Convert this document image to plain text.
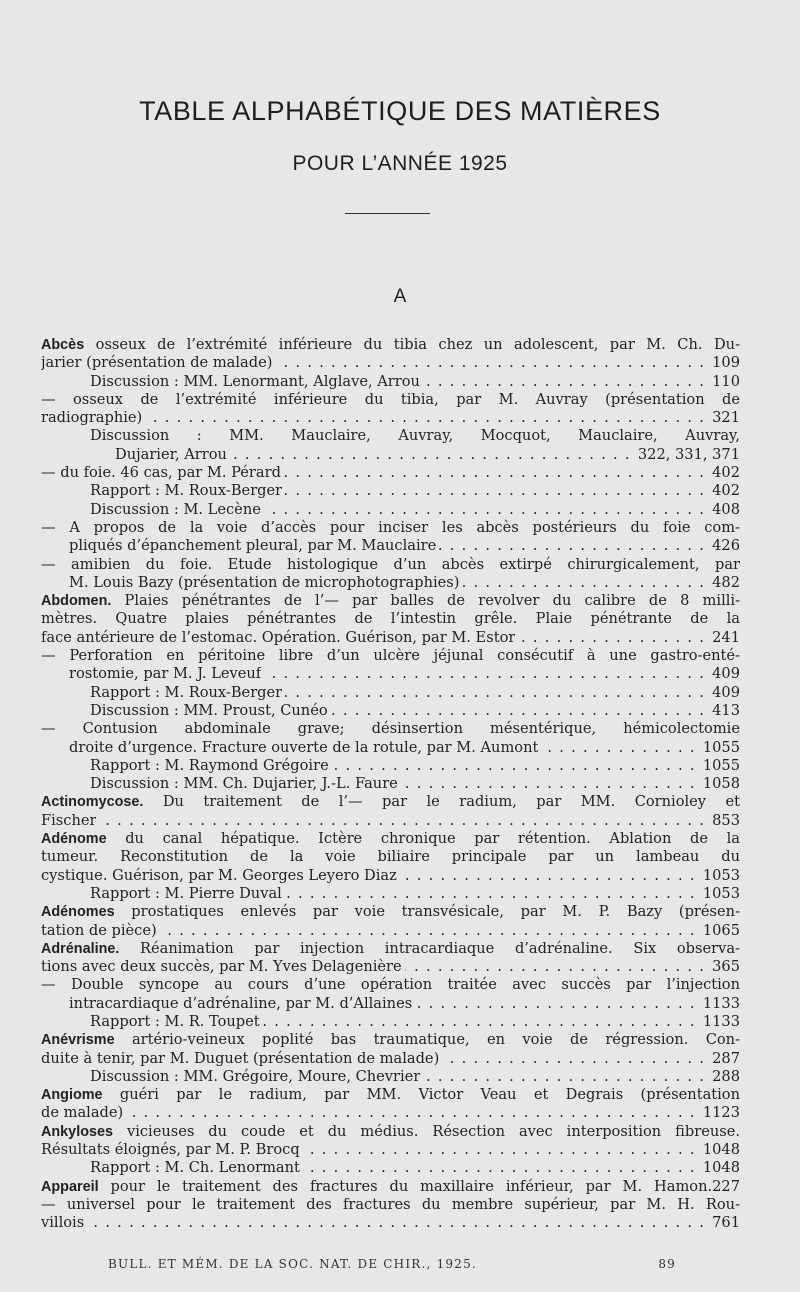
TABLE ALPHABÉTIQUE DES MATIÈRES
POUR L’ANNÉE 1925
A
Abcès osseux de l’extrémité inférieure du tibia chez un adolescent, par M. Ch. Du-
jarier (présentation de malade) . . .	109
Discussion : MM. Lenormant, Alglave, Arrou . . .	110
— osseux de l’extrémité inférieure du tibia, par M. Auvray (présentation de
radiographie) . . .	321
Discussion : MM. Mauclaire, Auvray, Mocquot, Mauclaire, Auvray,
Dujarier, Arrou . . .	322, 331, 371
— du foie. 46 cas, par M. Pérard . . .	402
Rapport : M. Roux-Berger . . .	402
Discussion : M. Lecène . . .	408
— A propos de la voie d’accès pour inciser les abcès postérieurs du foie com-
pliqués d’épanchement pleural, par M. Mauclaire . . .	426
— amibien du foie. Etude histologique d’un abcès extirpé chirurgicalement, par
M. Louis Bazy (présentation de microphotographies) . . .	482
Abdomen. Plaies pénétrantes de l’— par balles de revolver du calibre de 8 milli-
mètres. Quatre plaies pénétrantes de l’intestin grêle. Plaie pénétrante de la
face antérieure de l’estomac. Opération. Guérison, par M. Estor . . .	241
— Perforation en péritoine libre d’un ulcère jéjunal consécutif à une gastro-enté-
rostomie, par M. J. Leveuf . . .	409
Rapport : M. Roux-Berger . . .	409
Discussion : MM. Proust, Cunéo . . .	413
— Contusion abdominale grave; désinsertion mésentérique, hémicolectomie
droite d’urgence. Fracture ouverte de la rotule, par M. Aumont . . .	1055
Rapport : M. Raymond Grégoire . . .	1055
Discussion : MM. Ch. Dujarier, J.-L. Faure . . .	1058
Actinomycose. Du traitement de l’— par le radium, par MM. Cornioley et
Fischer . . .	853
Adénome du canal hépatique. Ictère chronique par rétention. Ablation de la
tumeur. Reconstitution de la voie biliaire principale par un lambeau du
cystique. Guérison, par M. Georges Leyero Diaz . . .	1053
Rapport : M. Pierre Duval . . .	1053
Adénomes prostatiques enlevés par voie transvésicale, par M. P. Bazy (présen-
tation de pièce) . . .	1065
Adrénaline. Réanimation par injection intracardiaque d’adrénaline. Six observa-
tions avec deux succès, par M. Yves Delagenière . . .	365
— Double syncope au cours d’une opération traitée avec succès par l’injection
intracardiaque d’adrénaline, par M. d’Allaines . . .	1133
Rapport : M. R. Toupet . . .	1133
Anévrisme artério-veineux poplité bas traumatique, en voie de régression. Con-
duite à tenir, par M. Duguet (présentation de malade) . . .	287
Discussion : MM. Grégoire, Moure, Chevrier . . .	288
Angiome guéri par le radium, par MM. Victor Veau et Degrais (présentation
de malade) . . .	1123
Ankyloses vicieuses du coude et du médius. Résection avec interposition fibreuse.
Résultats éloignés, par M. P. Brocq . . .	1048
Rapport : M. Ch. Lenormant . . .	1048
Appareil pour le traitement des fractures du maxillaire inférieur, par M. Hamon. 227
— universel pour le traitement des fractures du membre supérieur, par M. H. Rou-
villois . . .	761
BULL. ET MÉM. DE LA SOC. NAT. DE CHIR., 1925.	89
